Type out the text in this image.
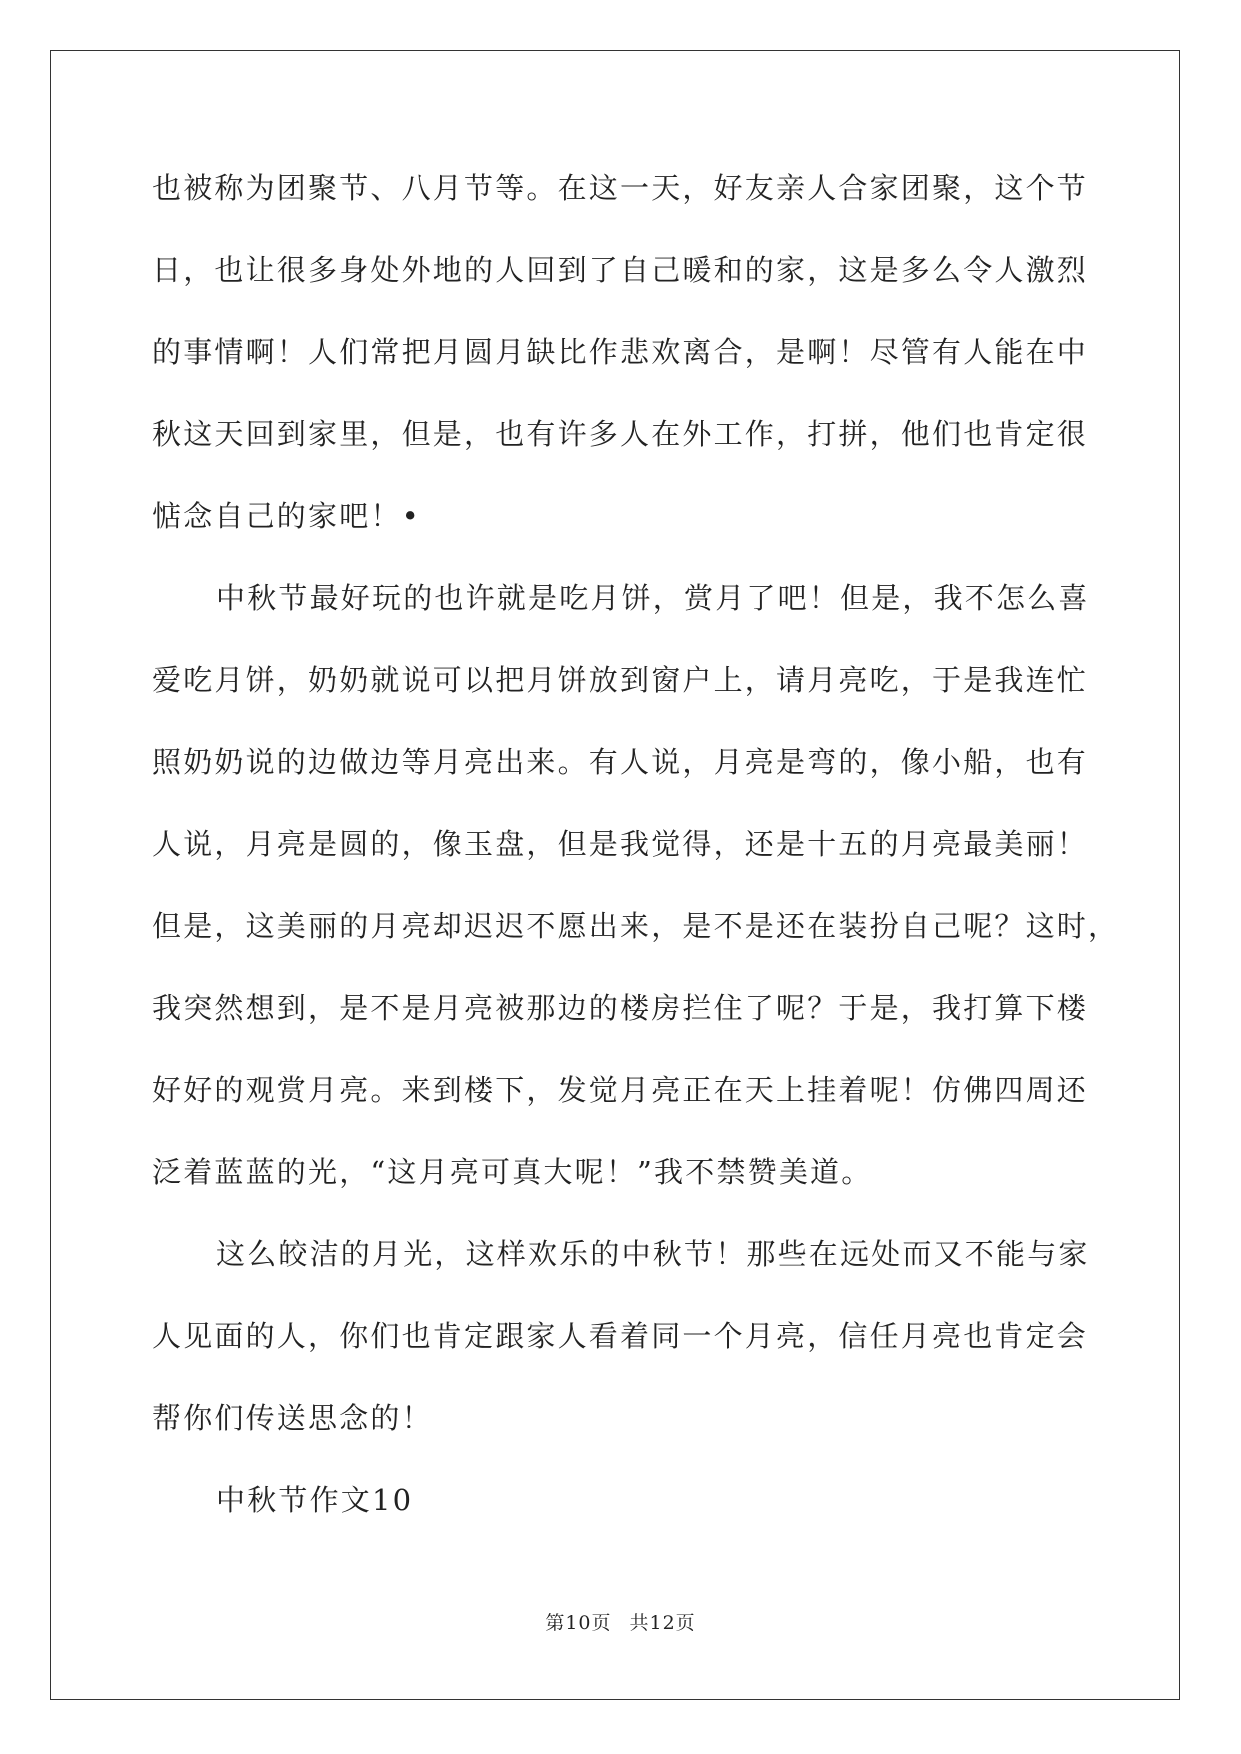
也被称为团聚节、八月节等。在这一天，好友亲人合家团聚，这个节
日，也让很多身处外地的人回到了自己暖和的家，这是多么令人激烈
的事情啊！人们常把月圆月缺比作悲欢离合，是啊！尽管有人能在中
秋这天回到家里，但是，也有许多人在外工作，打拼，他们也肯定很
惦念自己的家吧！•
中秋节最好玩的也许就是吃月饼，赏月了吧！但是，我不怎么喜
爱吃月饼，奶奶就说可以把月饼放到窗户上，请月亮吃，于是我连忙
照奶奶说的边做边等月亮出来。有人说，月亮是弯的，像小船，也有
人说，月亮是圆的，像玉盘，但是我觉得，还是十五的月亮最美丽！
但是，这美丽的月亮却迟迟不愿出来，是不是还在装扮自己呢？这时，
我突然想到，是不是月亮被那边的楼房拦住了呢？于是，我打算下楼
好好的观赏月亮。来到楼下，发觉月亮正在天上挂着呢！仿佛四周还
泛着蓝蓝的光，“这月亮可真大呢！”我不禁赞美道。
这么皎洁的月光，这样欢乐的中秋节！那些在远处而又不能与家
人见面的人，你们也肯定跟家人看着同一个月亮，信任月亮也肯定会
帮你们传送思念的！
中秋节作文10
第10页 共12页
